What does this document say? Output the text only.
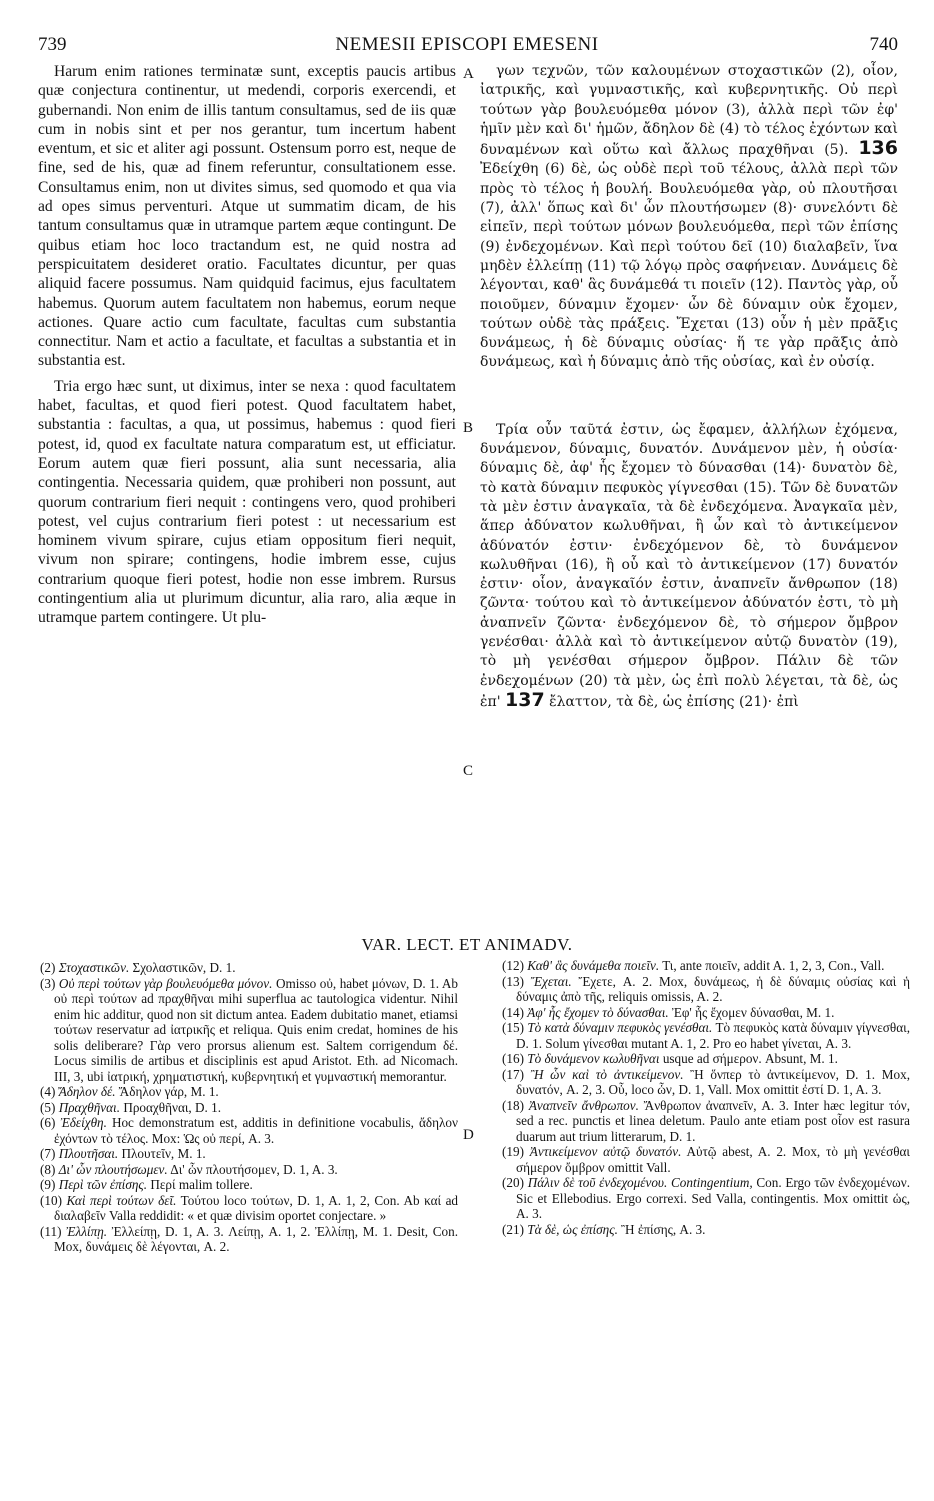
739	NEMESII EPISCOPI EMESENI	740

Harum enim rationes terminatæ sunt, exceptis paucis artibus quæ conjectura continentur, ut medendi, corporis exercendi, et gubernandi. Non enim de illis tantum consultamus, sed de iis quæ cum in nobis sint et per nos gerantur, tum incertum habent eventum, et sic et aliter agi possunt. Ostensum porro est, neque de fine, sed de his, quæ ad finem referuntur, consultationem esse. Consultamus enim, non ut divites simus, sed quomodo et qua via ad opes simus perventuri. Atque ut summatim dicam, de his tantum consultamus quæ in utramque partem æque contingunt. De quibus etiam hoc loco tractandum est, ne quid nostra ad perspicuitatem desideret oratio. Facultates dicuntur, per quas aliquid facere possumus. Nam quidquid facimus, ejus facultatem habemus. Quorum autem facultatem non habemus, eorum neque actiones. Quare actio cum facultate, facultas cum substantia connectitur. Nam et actio a facultate, et facultas a substantia et in substantia est.

Tria ergo hæc sunt, ut diximus, inter se nexa : quod facultatem habet, facultas, et quod fieri potest. Quod facultatem habet, substantia : facultas, a qua, ut possimus, habemus : quod fieri potest, id, quod ex facultate natura comparatum est, ut efficiatur. Eorum autem quæ fieri possunt, alia sunt necessaria, alia contingentia. Necessaria quidem, quæ prohiberi non possunt, aut quorum contrarium fieri nequit : contingens vero, quod prohiberi potest, vel cujus contrarium fieri potest : ut necessarium est hominem vivum spirare, cujus etiam oppositum fieri nequit, vivum non spirare; contingens, hodie imbrem esse, cujus contrarium quoque fieri potest, hodie non esse imbrem. Rursus contingentium alia ut plurimum dicuntur, alia raro, alia æque in utramque partem contingere. Ut plu-

A
B
C
D

γων τεχνῶν, τῶν καλουμένων στοχαστικῶν (2), οἷον, ἰατρικῆς, καὶ γυμναστικῆς, καὶ κυβερνητικῆς. Οὐ περὶ τούτων γὰρ βουλευόμεθα μόνον (3), ἀλλὰ περὶ τῶν ἐφ' ἡμῖν μὲν καὶ δι' ἡμῶν, ἄδηλον δὲ (4) τὸ τέλος ἐχόντων καὶ δυναμένων καὶ οὕτω καὶ ἄλλως πραχθῆναι (5). 136 Ἐδείχθη (6) δὲ, ὡς οὐδὲ περὶ τοῦ τέλους, ἀλλὰ περὶ τῶν πρὸς τὸ τέλος ἡ βουλή. Βουλευόμεθα γὰρ, οὐ πλουτῆσαι (7), ἀλλ' ὅπως καὶ δι' ὧν πλουτήσωμεν (8)· συνελόντι δὲ εἰπεῖν, περὶ τούτων μόνων βουλευόμεθα, περὶ τῶν ἐπίσης (9) ἐνδεχομένων. Καὶ περὶ τούτου δεῖ (10) διαλαβεῖν, ἵνα μηδὲν ἐλλείπῃ (11) τῷ λόγῳ πρὸς σαφήνειαν. Δυνάμεις δὲ λέγονται, καθ' ἃς δυνάμεθά τι ποιεῖν (12). Παντὸς γὰρ, οὗ ποιοῦμεν, δύναμιν ἔχομεν· ὧν δὲ δύναμιν οὐκ ἔχομεν, τούτων οὐδὲ τὰς πράξεις. Ἔχεται (13) οὖν ἡ μὲν πρᾶξις δυνάμεως, ἡ δὲ δύναμις οὐσίας· ἥ τε γὰρ πρᾶξις ἀπὸ δυνάμεως, καὶ ἡ δύναμις ἀπὸ τῆς οὐσίας, καὶ ἐν οὐσίᾳ.

Τρία οὖν ταῦτά ἐστιν, ὡς ἔφαμεν, ἀλλήλων ἐχόμενα, δυνάμενον, δύναμις, δυνατόν. Δυνάμενον μὲν, ἡ οὐσία· δύναμις δὲ, ἀφ' ἧς ἔχομεν τὸ δύνασθαι (14)· δυνατὸν δὲ, τὸ κατὰ δύναμιν πεφυκὸς γίγνεσθαι (15). Τῶν δὲ δυνατῶν τὰ μὲν ἐστιν ἀναγκαῖα, τὰ δὲ ἐνδεχόμενα. Ἀναγκαῖα μὲν, ἅπερ ἀδύνατον κωλυθῆναι, ἢ ὧν καὶ τὸ ἀντικείμενον ἀδύνατόν ἐστιν· ἐνδεχόμενον δὲ, τὸ δυνάμενον κωλυθῆναι (16), ἢ οὗ καὶ τὸ ἀντικείμενον (17) δυνατόν ἐστιν· οἷον, ἀναγκαῖόν ἐστιν, ἀναπνεῖν ἄνθρωπον (18) ζῶντα· τούτου καὶ τὸ ἀντικείμενον ἀδύνατόν ἐστι, τὸ μὴ ἀναπνεῖν ζῶντα· ἐνδεχόμενον δὲ, τὸ σήμερον ὄμβρον γενέσθαι· ἀλλὰ καὶ τὸ ἀντικείμενον αὐτῷ δυνατὸν (19), τὸ μὴ γενέσθαι σήμερον ὄμβρον. Πάλιν δὲ τῶν ἐνδεχομένων (20) τὰ μὲν, ὡς ἐπὶ πολὺ λέγεται, τὰ δὲ, ὡς ἐπ' 137 ἔλαττον, τὰ δὲ, ὡς ἐπίσης (21)· ἐπὶ

VAR. LECT. ET ANIMADV.

(2) Στοχαστικῶν. Σχολαστικῶν, D. 1.

(3) Οὐ περὶ τούτων γὰρ βουλευόμεθα μόνον. Omisso οὐ, habet μόνων, D. 1. Ab οὐ περὶ τούτων ad πραχθῆναι mihi superflua ac tautologica videntur. Nihil enim hic additur, quod non sit dictum antea. Eadem dubitatio manet, etiamsi τούτων reservatur ad ἰατρικῆς et reliqua. Quis enim credat, homines de his solis deliberare? Γὰρ vero prorsus alienum est. Saltem corrigendum δέ. Locus similis de artibus et disciplinis est apud Aristot. Eth. ad Nicomach. III, 3, ubi ἰατρική, χρηματιστική, κυβερνητική et γυμναστική memorantur.

(4) Ἄδηλον δέ. Ἄδηλον γάρ, M. 1.

(5) Πραχθῆναι. Προαχθῆναι, D. 1.

(6) Ἐδείχθη. Hoc demonstratum est, additis in definitione vocabulis, ἄδηλον ἐχόντων τὸ τέλος. Mox: Ὡς οὐ περί, A. 3.

(7) Πλουτῆσαι. Πλουτεῖν, M. 1.

(8) Δι' ὧν πλουτήσωμεν. Δι' ὧν πλουτήσομεν, D. 1, A. 3.

(9) Περὶ τῶν ἐπίσης. Περί malim tollere.

(10) Καὶ περὶ τούτων δεῖ. Τούτου loco τούτων, D. 1, A. 1, 2, Con. Ab καί ad διαλαβεῖν Valla reddidit: « et quæ divisim oportet conjectare. »

(11) Ἐλλίπῃ. Ἐλλείπῃ, D. 1, A. 3. Λείπῃ, A. 1, 2. Ἐλλίπῃ, M. 1. Desit, Con. Mox, δυνάμεις δὲ λέγονται, A. 2.

(12) Καθ' ἃς δυνάμεθα ποιεῖν. Τι, ante ποιεῖν, addit A. 1, 2, 3, Con., Vall.

(13) Ἔχεται. Ἔχετε, A. 2. Mox, δυνάμεως, ἡ δὲ δύναμις οὐσίας καὶ ἡ δύναμις ἀπὸ τῆς, reliquis omissis, A. 2.

(14) Ἀφ' ἧς ἔχομεν τὸ δύνασθαι. Ἐφ' ἧς ἔχομεν δύνασθαι, M. 1.

(15) Τὸ κατὰ δύναμιν πεφυκὸς γενέσθαι. Τὸ πεφυκὸς κατὰ δύναμιν γίγνεσθαι, D. 1. Solum γίνεσθαι mutant A. 1, 2. Pro eo habet γίνεται, A. 3.

(16) Τὸ δυνάμενον κωλυθῆναι usque ad σήμερον. Absunt, M. 1.

(17) Ἢ ὧν καὶ τὸ ἀντικείμενον. Ἢ ὅνπερ τὸ ἀντικείμενον, D. 1. Mox, δυνατόν, A. 2, 3. Οὗ, loco ὧν, D. 1, Vall. Mox omittit ἐστί D. 1, A. 3.

(18) Ἀναπνεῖν ἄνθρωπον. Ἄνθρωπον ἀναπνεῖν, A. 3. Inter hæc legitur τόν, sed a rec. punctis et linea deletum. Paulo ante etiam post οἷον est rasura duarum aut trium litterarum, D. 1.

(19) Ἀντικείμενον αὐτῷ δυνατόν. Αὐτῷ abest, A. 2. Mox, τὸ μὴ γενέσθαι σήμερον ὄμβρον omittit Vall.

(20) Πάλιν δὲ τοῦ ἐνδεχομένου. Contingentium, Con. Ergo τῶν ἐνδεχομένων. Sic et Ellebodius. Ergo correxi. Sed Valla, contingentis. Mox omittit ὡς, A. 3.

(21) Τὰ δὲ, ὡς ἐπίσης. Ἢ ἐπίσης, A. 3.
